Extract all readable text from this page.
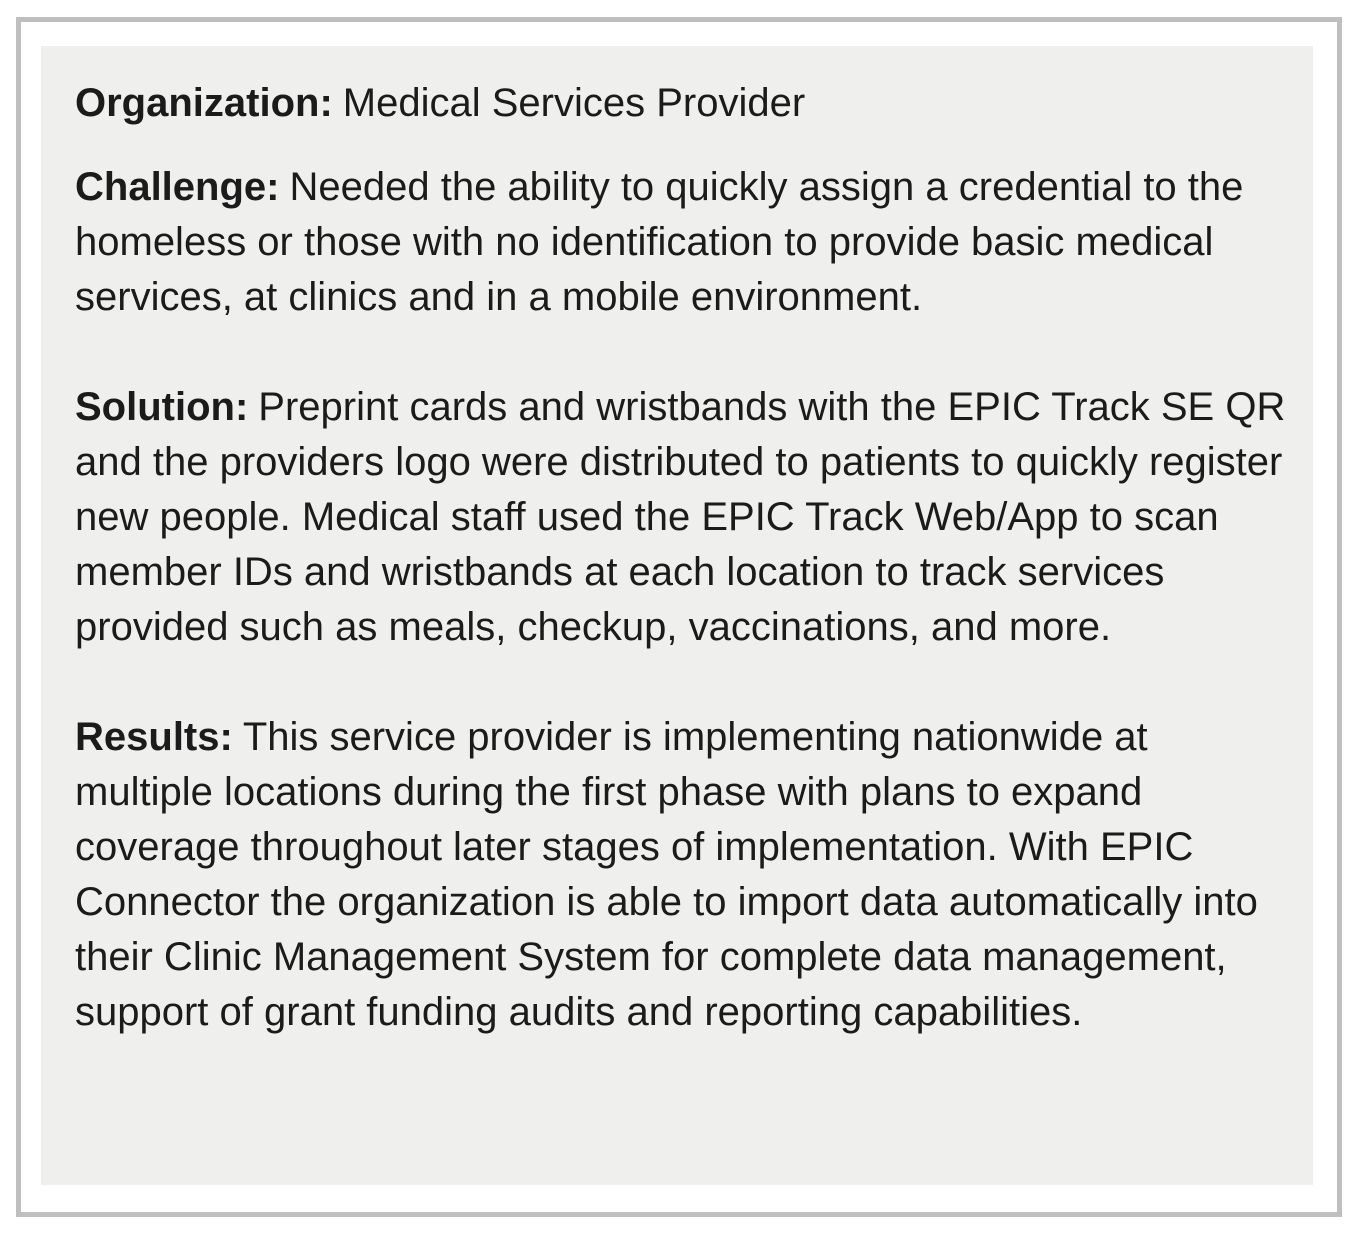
Organization: Medical Services Provider

Challenge: Needed the ability to quickly assign a credential to the homeless or those with no identification to provide basic medical services, at clinics and in a mobile environment.

Solution: Preprint cards and wristbands with the EPIC Track SE QR and the providers logo were distributed to patients to quickly register new people. Medical staff used the EPIC Track Web/App to scan member IDs and wristbands at each location to track services provided such as meals, checkup, vaccinations, and more.

Results: This service provider is implementing nationwide at multiple locations during the first phase with plans to expand coverage throughout later stages of implementation. With EPIC Connector the organization is able to import data automatically into their Clinic Management System for complete data management, support of grant funding audits and reporting capabilities.
